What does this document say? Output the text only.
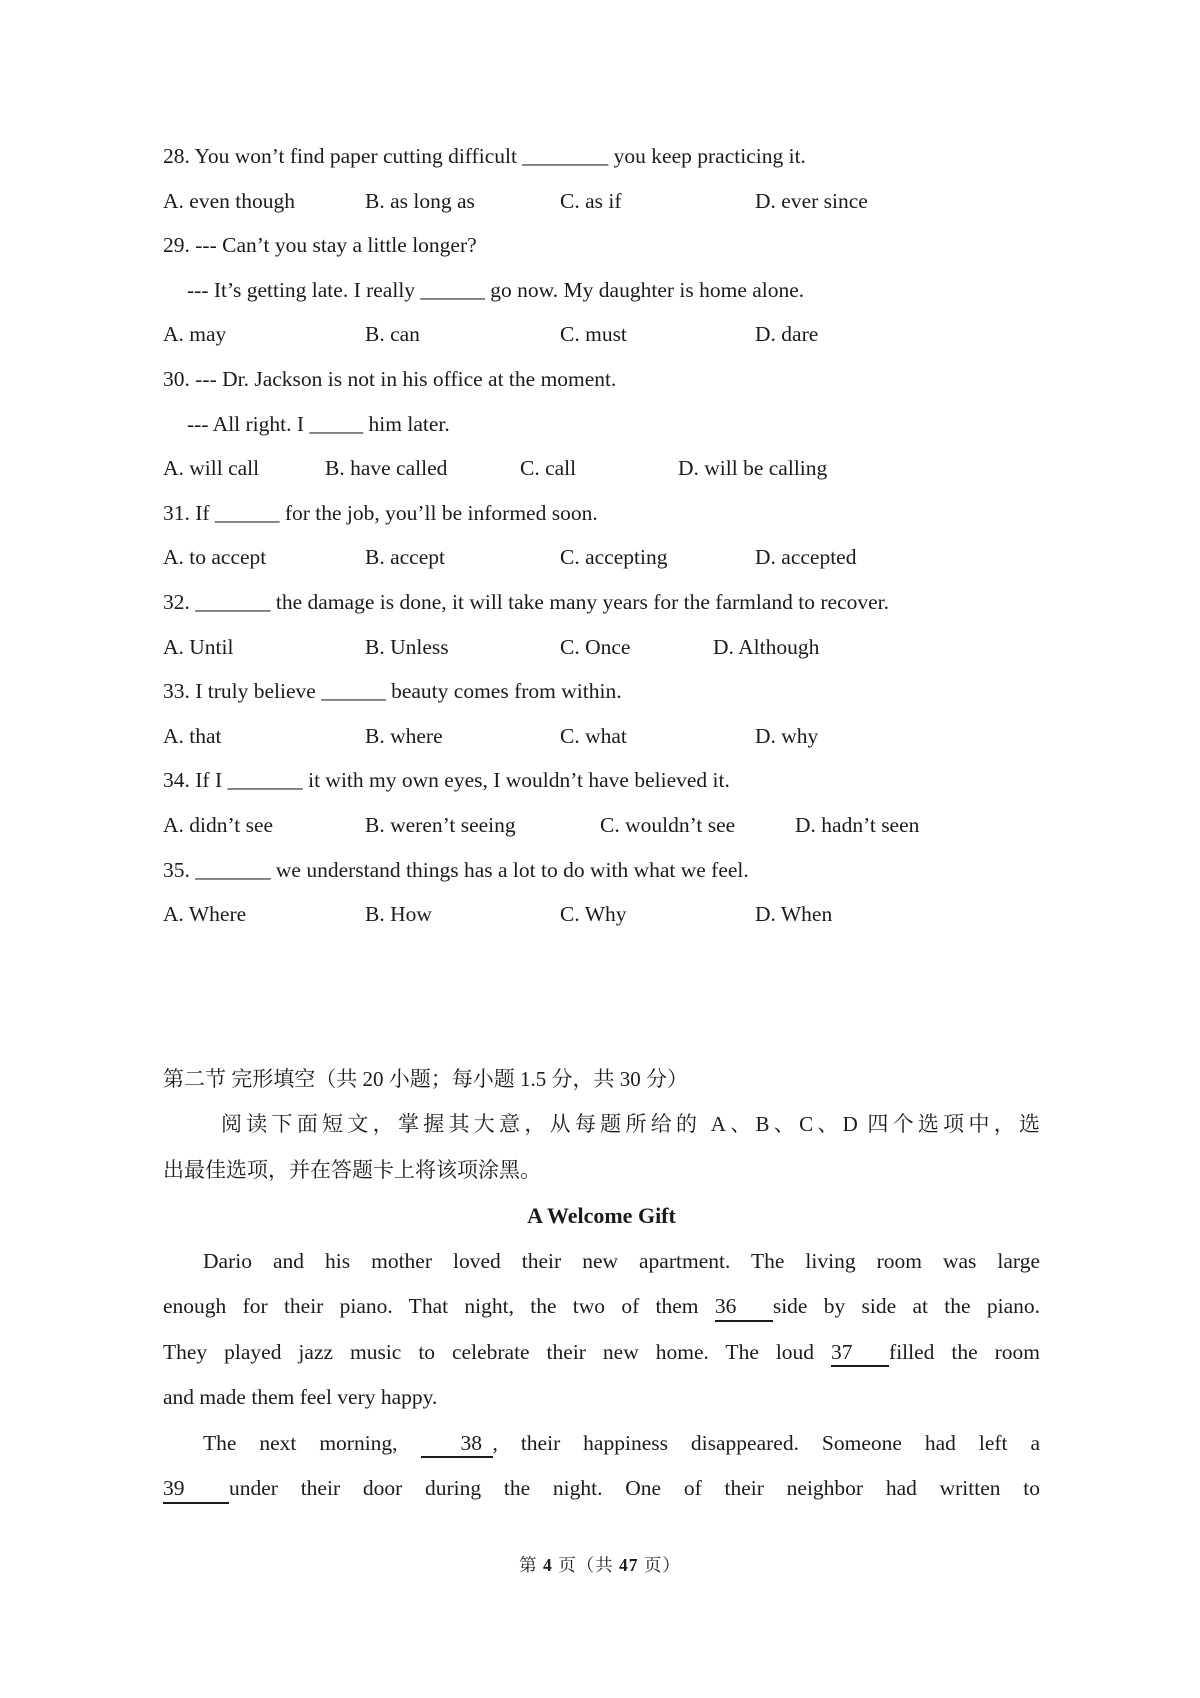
28. You won’t find paper cutting difficult ________ you keep practicing it.
A. even though	B. as long as	C. as if	D. ever since
29. --- Can’t you stay a little longer?
--- It’s getting late. I really ______ go now. My daughter is home alone.
A. may	B. can	C. must	D. dare
30. --- Dr. Jackson is not in his office at the moment.
--- All right. I _____ him later.
A. will call	B. have called	C. call	D. will be calling
31. If ______ for the job, you’ll be informed soon.
A. to accept	B. accept	C. accepting	D. accepted
32. _______ the damage is done, it will take many years for the farmland to recover.
A. Until	B. Unless	C. Once	D. Although
33. I truly believe ______ beauty comes from within.
A. that	B. where	C. what	D. why
34. If I _______ it with my own eyes, I wouldn’t have believed it.
A. didn’t see	B. weren’t seeing	C. wouldn’t see	D. hadn’t seen
35. _______ we understand things has a lot to do with what we feel.
A. Where	B. How	C. Why	D. When
第二节 完形填空（共 20 小题；每小题 1.5 分，共 30 分）
阅读下面短文，掌握其大意，从每题所给的 A、B、C、D 四个选项中，选
出最佳选项，并在答题卡上将该项涂黑。
A Welcome Gift
Dario and his mother loved their new apartment. The living room was large
enough for their piano. That night, the two of them 36 side by side at the piano.
They played jazz music to celebrate their new home. The loud 37 filled the room
and made them feel very happy.
The next morning, 38 , their happiness disappeared. Someone had left a
39 under their door during the night. One of their neighbor had written to
第 4 页（共 47 页）
